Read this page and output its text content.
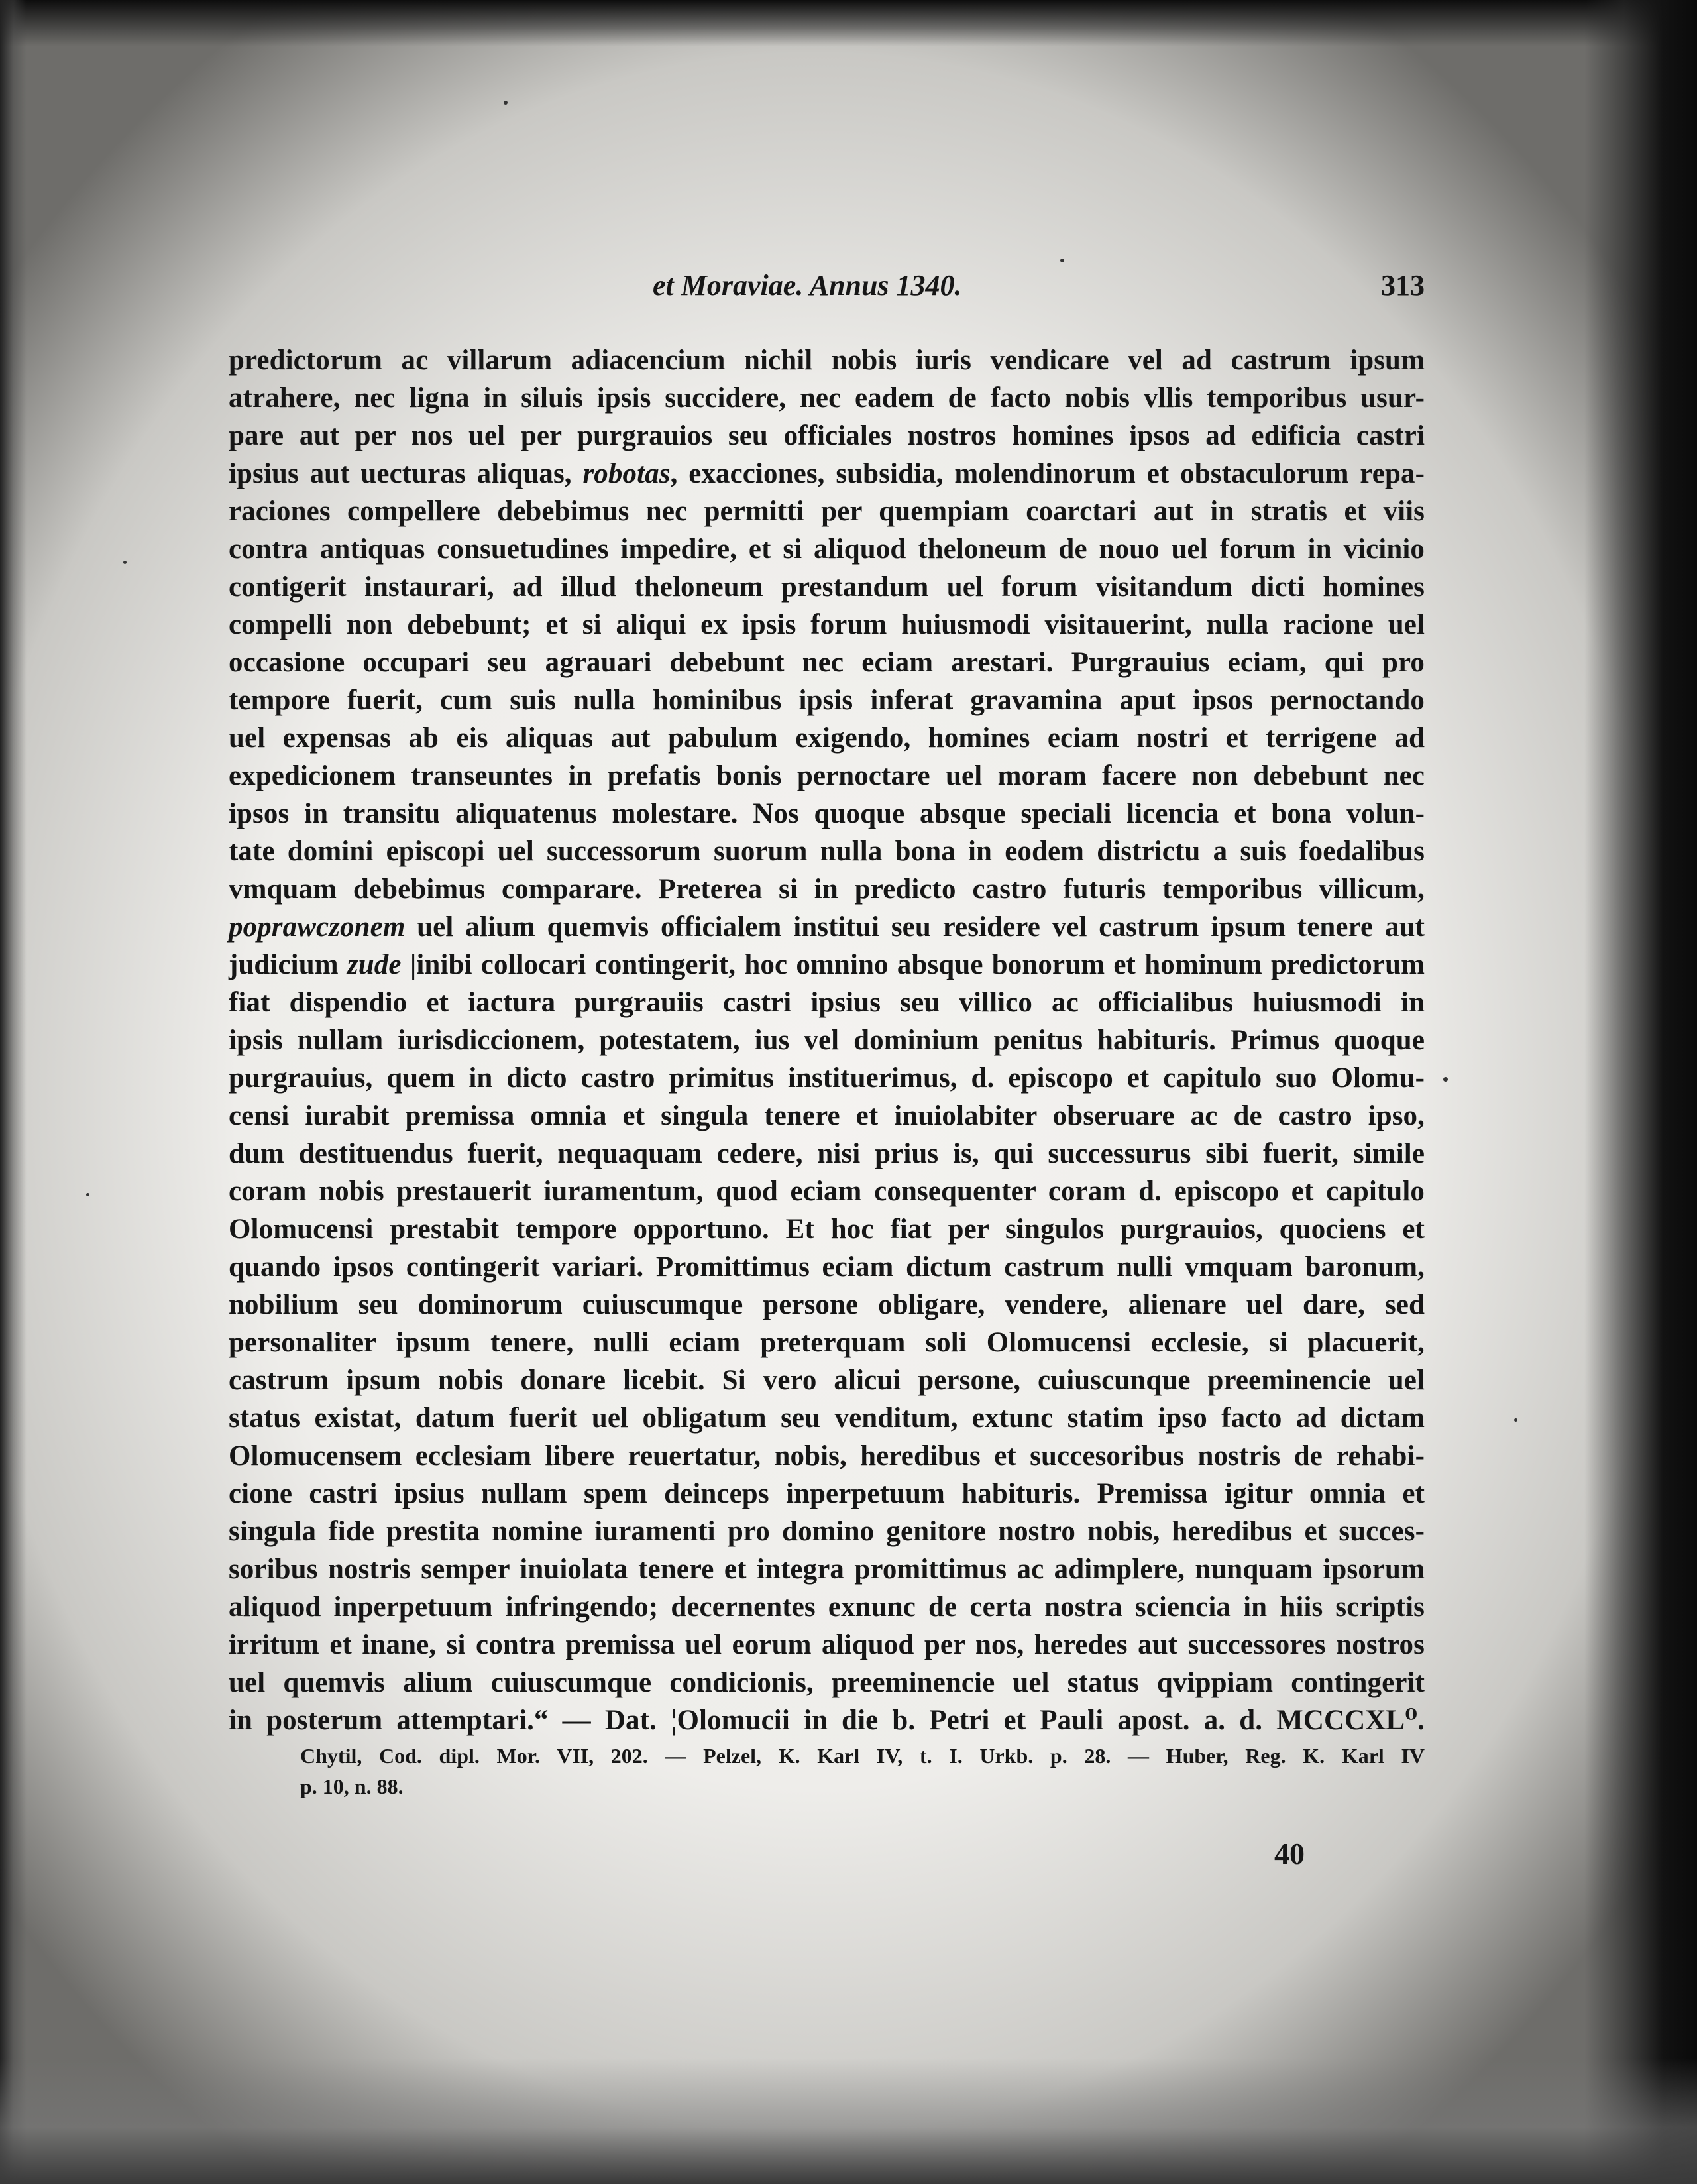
et Moraviae. Annus 1340.	313
predictorum ac villarum adiacencium nichil nobis iuris vendicare vel ad castrum ipsum
atrahere, nec ligna in siluis ipsis succidere, nec eadem de facto nobis vllis temporibus usur-
pare aut per nos uel per purgrauios seu officiales nostros homines ipsos ad edificia castri
ipsius aut uecturas aliquas, robotas, exacciones, subsidia, molendinorum et obstaculorum repa-
raciones compellere debebimus nec permitti per quempiam coarctari aut in stratis et viis
contra antiquas consuetudines impedire, et si aliquod theloneum de nouo uel forum in vicinio
contigerit instaurari, ad illud theloneum prestandum uel forum visitandum dicti homines
compelli non debebunt; et si aliqui ex ipsis forum huiusmodi visitauerint, nulla racione uel
occasione occupari seu agrauari debebunt nec eciam arestari. Purgrauius eciam, qui pro
tempore fuerit, cum suis nulla hominibus ipsis inferat gravamina aput ipsos pernoctando
uel expensas ab eis aliquas aut pabulum exigendo, homines eciam nostri et terrigene ad
expedicionem transeuntes in prefatis bonis pernoctare uel moram facere non debebunt nec
ipsos in transitu aliquatenus molestare. Nos quoque absque speciali licencia et bona volun-
tate domini episcopi uel successorum suorum nulla bona in eodem districtu a suis foedalibus
vmquam debebimus comparare. Preterea si in predicto castro futuris temporibus villicum,
poprawczonem uel alium quemvis officialem institui seu residere vel castrum ipsum tenere aut
judicium zude |inibi collocari contingerit, hoc omnino absque bonorum et hominum predictorum
fiat dispendio et iactura purgrauiis castri ipsius seu villico ac officialibus huiusmodi in
ipsis nullam iurisdiccionem, potestatem, ius vel dominium penitus habituris. Primus quoque
purgrauius, quem in dicto castro primitus instituerimus, d. episcopo et capitulo suo Olomu-
censi iurabit premissa omnia et singula tenere et inuiolabiter obseruare ac de castro ipso,
dum destituendus fuerit, nequaquam cedere, nisi prius is, qui successurus sibi fuerit, simile
coram nobis prestauerit iuramentum, quod eciam consequenter coram d. episcopo et capitulo
Olomucensi prestabit tempore opportuno. Et hoc fiat per singulos purgrauios, quociens et
quando ipsos contingerit variari. Promittimus eciam dictum castrum nulli vmquam baronum,
nobilium seu dominorum cuiuscumque persone obligare, vendere, alienare uel dare, sed
personaliter ipsum tenere, nulli eciam preterquam soli Olomucensi ecclesie, si placuerit,
castrum ipsum nobis donare licebit. Si vero alicui persone, cuiuscunque preeminencie uel
status existat, datum fuerit uel obligatum seu venditum, extunc statim ipso facto ad dictam
Olomucensem ecclesiam libere reuertatur, nobis, heredibus et succesoribus nostris de rehabi-
cione castri ipsius nullam spem deinceps inperpetuum habituris. Premissa igitur omnia et
singula fide prestita nomine iuramenti pro domino genitore nostro nobis, heredibus et succes-
soribus nostris semper inuiolata tenere et integra promittimus ac adimplere, nunquam ipsorum
aliquod inperpetuum infringendo; decernentes exnunc de certa nostra sciencia in hiis scriptis
irritum et inane, si contra premissa uel eorum aliquod per nos, heredes aut successores nostros
uel quemvis alium cuiuscumque condicionis, preeminencie uel status qvippiam contingerit
in posterum attemptari.“ — Dat. ¦Olomucii in die b. Petri et Pauli apost. a. d. MCCCXL⁰.
Chytil, Cod. dipl. Mor. VII, 202. — Pelzel, K. Karl IV, t. I. Urkb. p. 28. — Huber, Reg. K. Karl IV
p. 10, n. 88.
40
